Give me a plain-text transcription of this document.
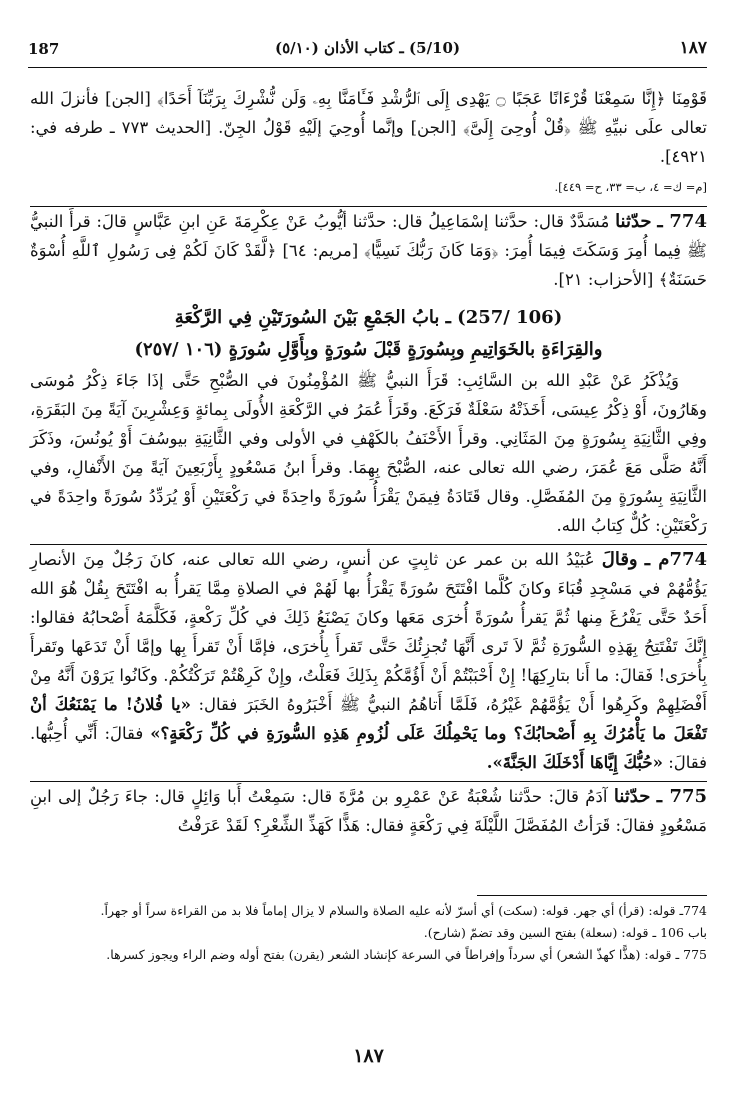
187	(5/10) ـ كتاب الأذان (٥/١٠)	١٨٧

قَوْمِنَا ﴿إِنَّا سَمِعْنَا قُرْءَانًا عَجَبًا ۝ يَهْدِى إِلَى ٱلرُّشْدِ فَـَٔامَنَّا بِهِۦ وَلَن نُّشْرِكَ بِرَبِّنَآ أَحَدًا﴾ [الجن] فأنزلَ الله تعالى علَى نبيِّهِ ﷺ ﴿قُلْ أُوحِىَ إِلَىَّ﴾ [الجن] وإنَّما أُوحِيَ إلَيْهِ قَوْلُ الجِنّ. [الحديث ٧٧٣ ـ طرفه في: ٤٩٢١].

[م= ك= ٤، ب= ٣٣، ح= ٤٤٩].

774 ـ حدّثنا مُسَدَّدٌ قال: حدَّثنا إسْمَاعِيلُ قال: حدَّثنا أيُّوبُ عَنْ عِكْرِمَةَ عَنِ ابنِ عَبَّاسٍ قالَ: قرأَ النبيُّ ﷺ فِيما أُمِرَ وَسَكَتَ فِيمَا أُمِرَ: ﴿وَمَا كَانَ رَبُّكَ نَسِيًّا﴾ [مريم: ٦٤] ﴿لَّقَدْ كَانَ لَكُمْ فِى رَسُولِ ٱللَّهِ أُسْوَةٌ حَسَنَةٌ﴾ [الأحزاب: ٢١].

(106 /257) ـ بابُ الجَمْعِ بَيْنَ السُورَتَيْنِ فِي الرَّكْعَةِ
والقِرَاءَةِ بالخَوَاتِيمِ وبِسُورَةٍ قَبْلَ سُورَةٍ وبِأَوَّلِ سُورَةٍ (١٠٦ /٢٥٧)

وَيُذْكَرُ عَنْ عَبْدِ الله بن السَّائِبِ: قَرَأَ النبيُّ ﷺ المُؤْمِنُونَ في الصُّبْحِ حَتَّى إذَا جَاءَ ذِكْرُ مُوسَى وهَارُونَ، أَوْ ذِكْرُ عِيسَى، أَخَذَتْهُ سَعْلَةٌ فَرَكَعَ. وقَرَأَ عُمَرُ في الرَّكْعَةِ الأُولَى بِمائةٍ وَعِشْرِينَ آيَةً مِنَ البَقَرَةِ، وفِي الثَّانِيَةِ بِسُورَةٍ مِنَ المَثَانِي. وقرأَ الأَحْنَفُ بالكَهْفِ في الأولى وفي الثَّانِيَةِ بيوسُفَ أَوْ يُونُسَ، وذَكَرَ أَنَّهُ صَلَّى مَعَ عُمَرَ، رضي الله تعالى عنه، الصُّبْحَ بِهِمَا. وقرأَ ابنُ مَسْعُودٍ بِأَرْبَعِينَ آيَةً مِنَ الأَنْفالِ، وفي الثَّانِيَةِ بِسُورَةٍ مِنَ المُفَصَّلِ. وقال قَتَادَةُ فِيمَنْ يَقْرَأُ سُورَةً واحِدَةً في رَكْعَتَيْنِ أَوْ يُرَدِّدُ سُورَةً واحِدَةً في رَكْعَتَيْنِ: كُلٌّ كِتابُ الله.

774م ـ وقالَ عُبَيْدُ الله بن عمر عن ثابِتٍ عن أنسٍ، رضي الله تعالى عنه، كانَ رَجُلٌ مِنَ الأنصارِ يَؤُمُّهُمْ في مَسْجِدِ قُبَاءَ وكانَ كُلَّما افْتَتَحَ سُورَةً يَقْرَأُ بها لَهُمْ في الصلاةِ مِمَّا يَقرأُ به افْتَتَحَ بِقُلْ هُوَ الله أَحَدٌ حَتَّى يَفْرُغَ مِنها ثُمَّ يَقرأُ سُورَةً أُخرَى مَعَها وكانَ يَصْنَعُ ذَلِكَ في كُلِّ رَكْعةٍ، فَكَلَّمَهُ أَصْحابُهُ فقالوا: إِنَّكَ تَفْتَتِحُ بِهَذِهِ السُّورَةِ ثُمَّ لاَ تَرى أَنَّهَا تُجزِئُكَ حَتَّى تَقرأَ بِأُخرَى، فإمَّا أَنْ تَقرأَ بِها وإمَّا أَنْ تَدَعَها وتَقرأَ بِأُخرَى! فَقالَ: ما أَنا بتارِكِهَا! إِنْ أَحْبَبْتُمْ أَنْ أَؤُمَّكُمْ بِذَلِكَ فَعَلْتُ، وإِنْ كَرِهْتُمْ تَرَكْتُكُمْ. وكَانُوا يَرَوْنَ أَنَّهُ مِنْ أَفْضَلِهِمْ وكَرِهُوا أَنْ يَؤُمَّهُمْ غَيْرُهُ، فَلَمَّا أَتاهُمُ النبيُّ ﷺ أَخْبَرُوهُ الخَبَرَ فقال: «يا فُلانُ! ما يَمْنَعُكَ أنْ تَفْعَلَ ما يَأْمُرُكَ بِهِ أَصْحابُكَ؟ وما يَحْمِلُكَ عَلَى لُزُومِ هَذِهِ السُّورَةِ في كُلِّ رَكْعَةٍ؟» فقالَ: أَنِّي أُحِبُّها. فقالَ: «حُبُّكَ إِيَّاهَا أَدْخَلَكَ الجَنَّةَ».

775 ـ حدّثنا آدَمُ قالَ: حدَّثنا شُعْبَةُ عَنْ عَمْرِو بن مُرَّةَ قال: سَمِعْتُ أَبا وَائِلٍ قال: جاءَ رَجُلٌ إلى ابنِ مَسْعُودٍ فقالَ: قَرَأتُ المُفَصَّلَ اللَّيْلَةَ فِي رَكْعَةٍ فقال: هَذًّا كَهَذِّ الشِّعْرِ؟ لَقَدْ عَرَفْتُ

774ـ قوله: (قرأ) أي جهر. قوله: (سكت) أي أسرّ لأنه عليه الصلاة والسلام لا يزال إماماً فلا بد من القراءة سراً أو جهراً.

باب 106 ـ قوله: (سعلة) بفتح السين وقد تضمّ (شارح).

775 ـ قوله: (هذًّا كهذّ الشعر) أي سرداً وإفراطاً في السرعة كإنشاد الشعر (يقرن) بفتح أوله وضم الراء ويجوز كسرها.

١٨٧
